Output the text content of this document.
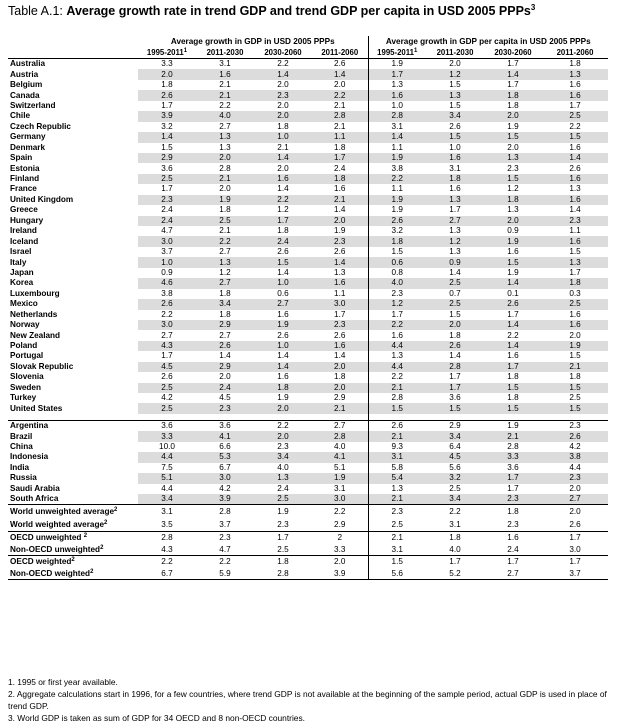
Table A.1: Average growth rate in trend GDP and trend GDP per capita in USD 2005 PPPs$^3$
	Average growth in GDP in USD 2005 PPPs				Average growth in GDP per capita in USD 2005 PPPs			
	1995-2011$^1$	2011-2030	2030-2060	2011-2060	1995-2011$^1$	2011-2030	2030-2060	2011-2060
Australia	3.3	3.1	2.2	2.6	1.9	2.0	1.7	1.8
Austria	2.0	1.6	1.4	1.4	1.7	1.2	1.4	1.3
Belgium	1.8	2.1	2.0	2.0	1.3	1.5	1.7	1.6
Canada	2.6	2.1	2.3	2.2	1.6	1.3	1.8	1.6
Switzerland	1.7	2.2	2.0	2.1	1.0	1.5	1.8	1.7
Chile	3.9	4.0	2.0	2.8	2.8	3.4	2.0	2.5
Czech Republic	3.2	2.7	1.8	2.1	3.1	2.6	1.9	2.2
Germany	1.4	1.3	1.0	1.1	1.4	1.5	1.5	1.5
Denmark	1.5	1.3	2.1	1.8	1.1	1.0	2.0	1.6
Spain	2.9	2.0	1.4	1.7	1.9	1.6	1.3	1.4
Estonia	3.6	2.8	2.0	2.4	3.8	3.1	2.3	2.6
Finland	2.5	2.1	1.6	1.8	2.2	1.8	1.5	1.6
France	1.7	2.0	1.4	1.6	1.1	1.6	1.2	1.3
United Kingdom	2.3	1.9	2.2	2.1	1.9	1.3	1.8	1.6
Greece	2.4	1.8	1.2	1.4	1.9	1.7	1.3	1.4
Hungary	2.4	2.5	1.7	2.0	2.6	2.7	2.0	2.3
Ireland	4.7	2.1	1.8	1.9	3.2	1.3	0.9	1.1
Iceland	3.0	2.2	2.4	2.3	1.8	1.2	1.9	1.6
Israel	3.7	2.7	2.6	2.6	1.5	1.3	1.6	1.5
Italy	1.0	1.3	1.5	1.4	0.6	0.9	1.5	1.3
Japan	0.9	1.2	1.4	1.3	0.8	1.4	1.9	1.7
Korea	4.6	2.7	1.0	1.6	4.0	2.5	1.4	1.8
Luxembourg	3.8	1.8	0.6	1.1	2.3	0.7	0.1	0.3
Mexico	2.6	3.4	2.7	3.0	1.2	2.5	2.6	2.5
Netherlands	2.2	1.8	1.6	1.7	1.7	1.5	1.7	1.6
Norway	3.0	2.9	1.9	2.3	2.2	2.0	1.4	1.6
New Zealand	2.7	2.7	2.6	2.6	1.6	1.8	2.2	2.0
Poland	4.3	2.6	1.0	1.6	4.4	2.6	1.4	1.9
Portugal	1.7	1.4	1.4	1.4	1.3	1.4	1.6	1.5
Slovak Republic	4.5	2.9	1.4	2.0	4.4	2.8	1.7	2.1
Slovenia	2.6	2.0	1.6	1.8	2.2	1.7	1.8	1.8
Sweden	2.5	2.4	1.8	2.0	2.1	1.7	1.5	1.5
Turkey	4.2	4.5	1.9	2.9	2.8	3.6	1.8	2.5
United States	2.5	2.3	2.0	2.1	1.5	1.5	1.5	1.5

Argentina	3.6	3.6	2.2	2.7	2.6	2.9	1.9	2.3
Brazil	3.3	4.1	2.0	2.8	2.1	3.4	2.1	2.6
China	10.0	6.6	2.3	4.0	9.3	6.4	2.8	4.2
Indonesia	4.4	5.3	3.4	4.1	3.1	4.5	3.3	3.8
India	7.5	6.7	4.0	5.1	5.8	5.6	3.6	4.4
Russia	5.1	3.0	1.3	1.9	5.4	3.2	1.7	2.3
Saudi Arabia	4.4	4.2	2.4	3.1	1.3	2.5	1.7	2.0
South Africa	3.4	3.9	2.5	3.0	2.1	3.4	2.3	2.7
World unweighted average$^2$	3.1	2.8	1.9	2.2	2.3	2.2	1.8	2.0
World weighted average$^2$	3.5	3.7	2.3	2.9	2.5	3.1	2.3	2.6
OECD unweighted $^2$	2.8	2.3	1.7	2	2.1	1.8	1.6	1.7
Non-OECD unweighted$^2$	4.3	4.7	2.5	3.3	3.1	4.0	2.4	3.0
OECD weighted$^2$	2.2	2.2	1.8	2.0	1.5	1.7	1.7	1.7
Non-OECD weighted$^2$	6.7	5.9	2.8	3.9	5.6	5.2	2.7	3.7

1. 1995 or first year available.

2. Aggregate calculations start in 1996, for a few countries, where trend GDP is not available at the beginning of the sample period, actual GDP is used in place of trend GDP.

3. World GDP is taken as sum of GDP for 34 OECD and 8 non-OECD countries.
